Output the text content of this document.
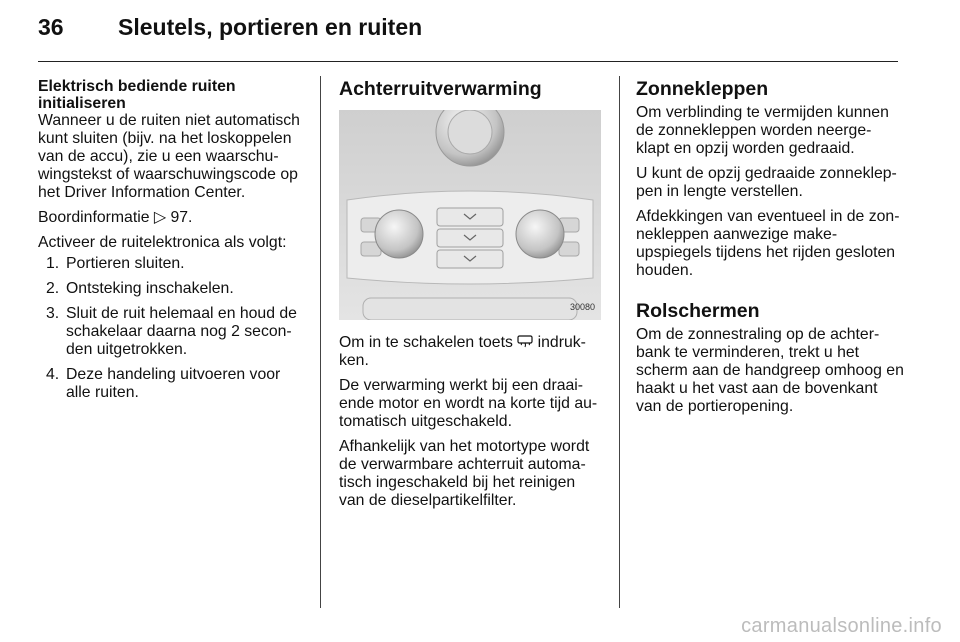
36 Sleutels, portieren en ruiten
Elektrisch bediende ruiten initialiseren

Wanneer u de ruiten niet automatisch kunt sluiten (bijv. na het loskoppelen van de accu), zie u een waarschu-wingstekst of waarschuwingscode op het Driver Information Center.

Boordinformatie ▷ 97.

Activeer de ruitelektronica als volgt:

1. Portieren sluiten.
2. Ontsteking inschakelen.
3. Sluit de ruit helemaal en houd de schakelaar daarna nog 2 secon-den uitgetrokken.
4. Deze handeling uitvoeren voor alle ruiten.
Achterruitverwarming
30080

Om in te schakelen toets indruk-ken.

De verwarming werkt bij een draai-ende motor en wordt na korte tijd au-tomatisch uitgeschakeld.

Afhankelijk van het motortype wordt de verwarmbare achterruit automa-tisch ingeschakeld bij het reinigen van de dieselpartikelfilter.

Zonnekleppen

Om verblinding te vermijden kunnen de zonnekleppen worden neerge-klapt en opzij worden gedraaid.

U kunt de opzij gedraaide zonneklep-pen in lengte verstellen.

Afdekkingen van eventueel in de zon-nekleppen aanwezige make-upspiegels tijdens het rijden gesloten houden.

Rolschermen

Om de zonnestraling op de achter-bank te verminderen, trekt u het scherm aan de handgreep omhoog en haakt u het vast aan de bovenkant van de portieropening.

carmanualsonline.info
